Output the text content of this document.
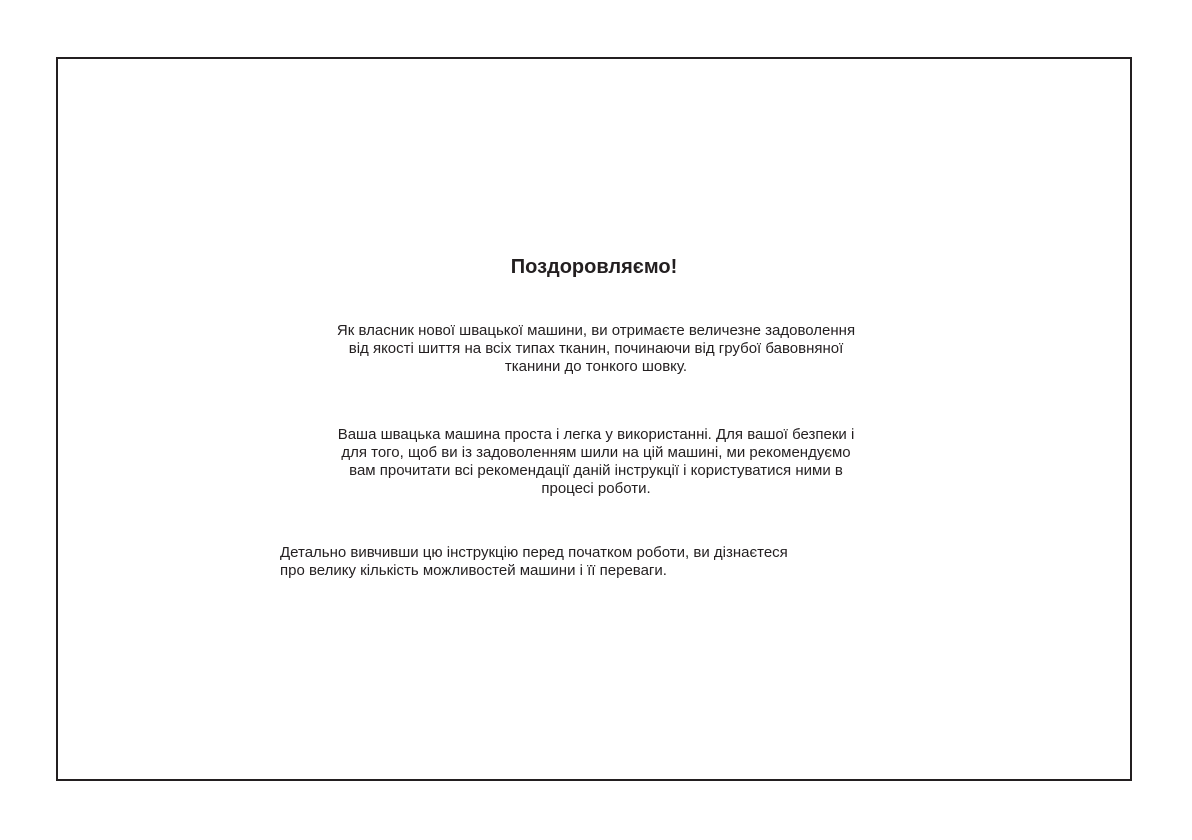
Поздоровляємо!

Як власник нової швацької машини, ви отримаєте величезне задоволення
від якості шиття на всіх типах тканин, починаючи від грубої бавовняної
тканини до тонкого шовку.

Ваша швацька машина проста і легка у використанні. Для вашої безпеки і
для того, щоб ви із задоволенням шили на цій машині, ми рекомендуємо
вам прочитати всі рекомендації даній інструкції і користуватися ними в
процесі роботи.

Детально вивчивши цю інструкцію перед початком роботи, ви дізнаєтеся
про велику кількість можливостей машини і її переваги.
